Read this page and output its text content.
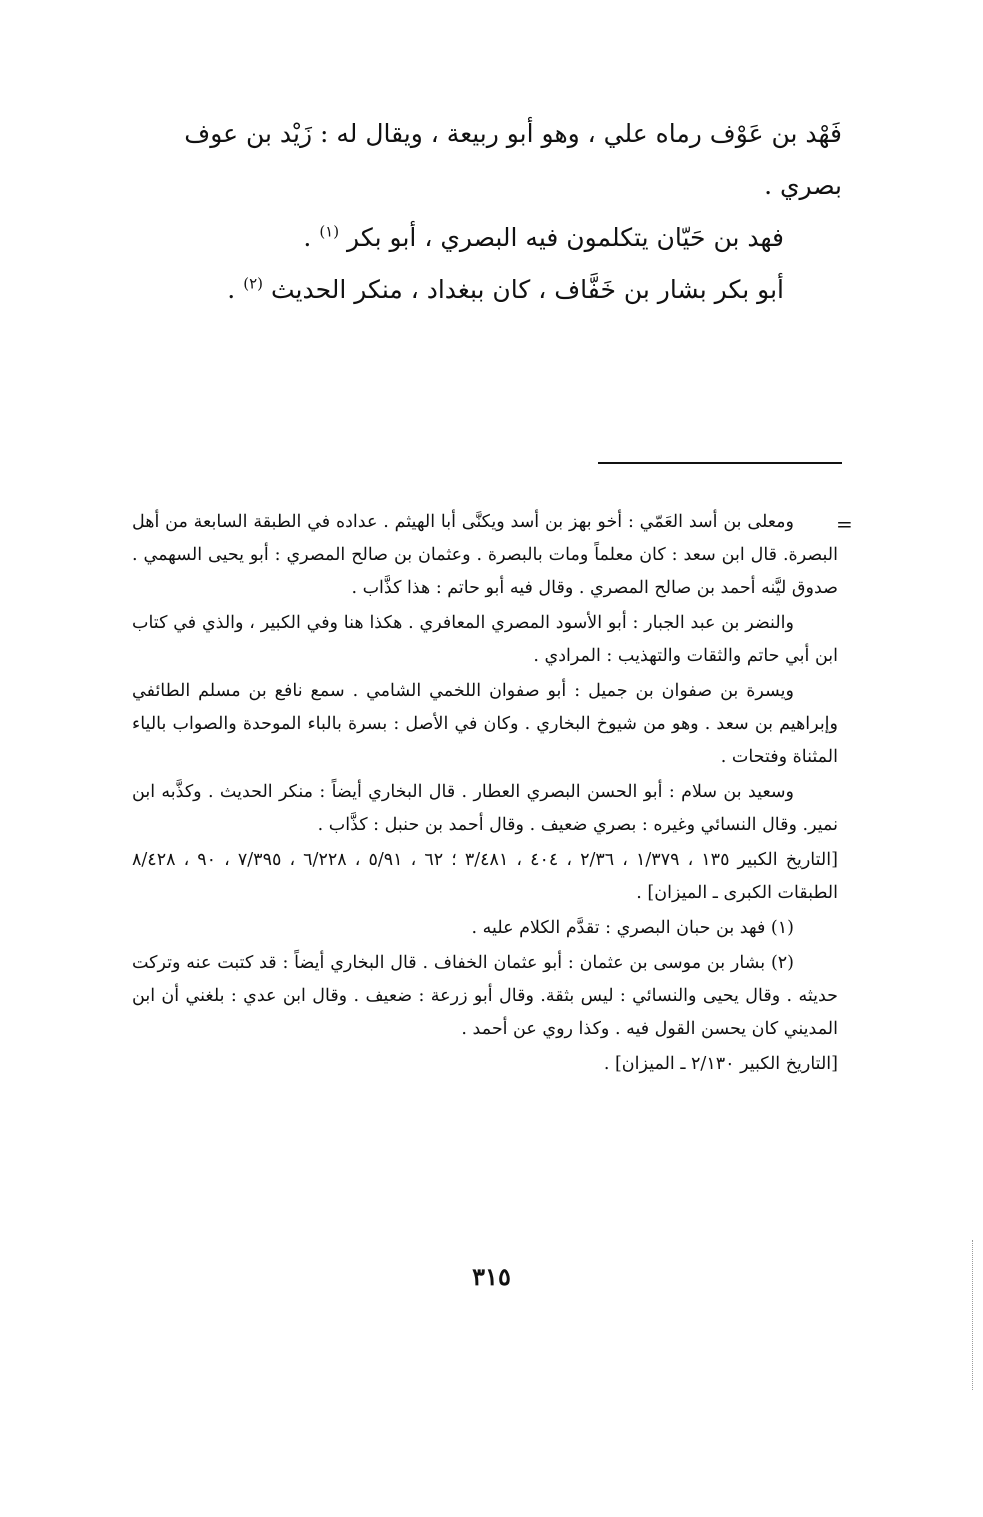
فَهْد بن عَوْف رماه علي ، وهو أبو ربيعة ، ويقال له : زَيْد بن عوف

بصري .

فهد بن حَيّان يتكلمون فيه البصري ، أبو بكر $^{(١)}$ .

أبو بكر بشار بن خَفَّاف ، كان ببغداد ، منكر الحديث $^{(٢)}$ .

=

ومعلى بن أسد العَمّي : أخو بهز بن أسد ويكنَّى أبا الهيثم . عداده في الطبقة السابعة من أهل البصرة. قال ابن سعد : كان معلماً ومات بالبصرة . وعثمان بن صالح المصري : أبو يحيى السهمي . صدوق ليَّنه أحمد بن صالح المصري . وقال فيه أبو حاتم : هذا كذَّاب .

والنضر بن عبد الجبار : أبو الأسود المصري المعافري . هكذا هنا وفي الكبير ، والذي في كتاب ابن أبي حاتم والثقات والتهذيب : المرادي .

ويسرة بن صفوان بن جميل : أبو صفوان اللخمي الشامي . سمع نافع بن مسلم الطائفي وإبراهيم بن سعد . وهو من شيوخ البخاري . وكان في الأصل : بسرة بالباء الموحدة والصواب بالياء المثناة وفتحات .

وسعيد بن سلام : أبو الحسن البصري العطار . قال البخاري أيضاً : منكر الحديث . وكذَّبه ابن نمير. وقال النسائي وغيره : بصري ضعيف . وقال أحمد بن حنبل : كذَّاب .

[التاريخ الكبير ١٣٥ ، ١/٣٧٩ ، ٢/٣٦ ، ٤٠٤ ، ٣/٤٨١ ؛ ٦٢ ، ٥/٩١ ، ٦/٢٢٨ ، ٧/٣٩٥ ، ٩٠ ، ٨/٤٢٨ الطبقات الكبرى ـ الميزان] .

(١) فهد بن حبان البصري : تقدَّم الكلام عليه .

(٢) بشار بن موسى بن عثمان : أبو عثمان الخفاف . قال البخاري أيضاً : قد كتبت عنه وتركت حديثه . وقال يحيى والنسائي : ليس بثقة. وقال أبو زرعة : ضعيف . وقال ابن عدي : بلغني أن ابن المديني كان يحسن القول فيه . وكذا روي عن أحمد .

[التاريخ الكبير ٢/١٣٠ ـ الميزان] .

٣١٥
